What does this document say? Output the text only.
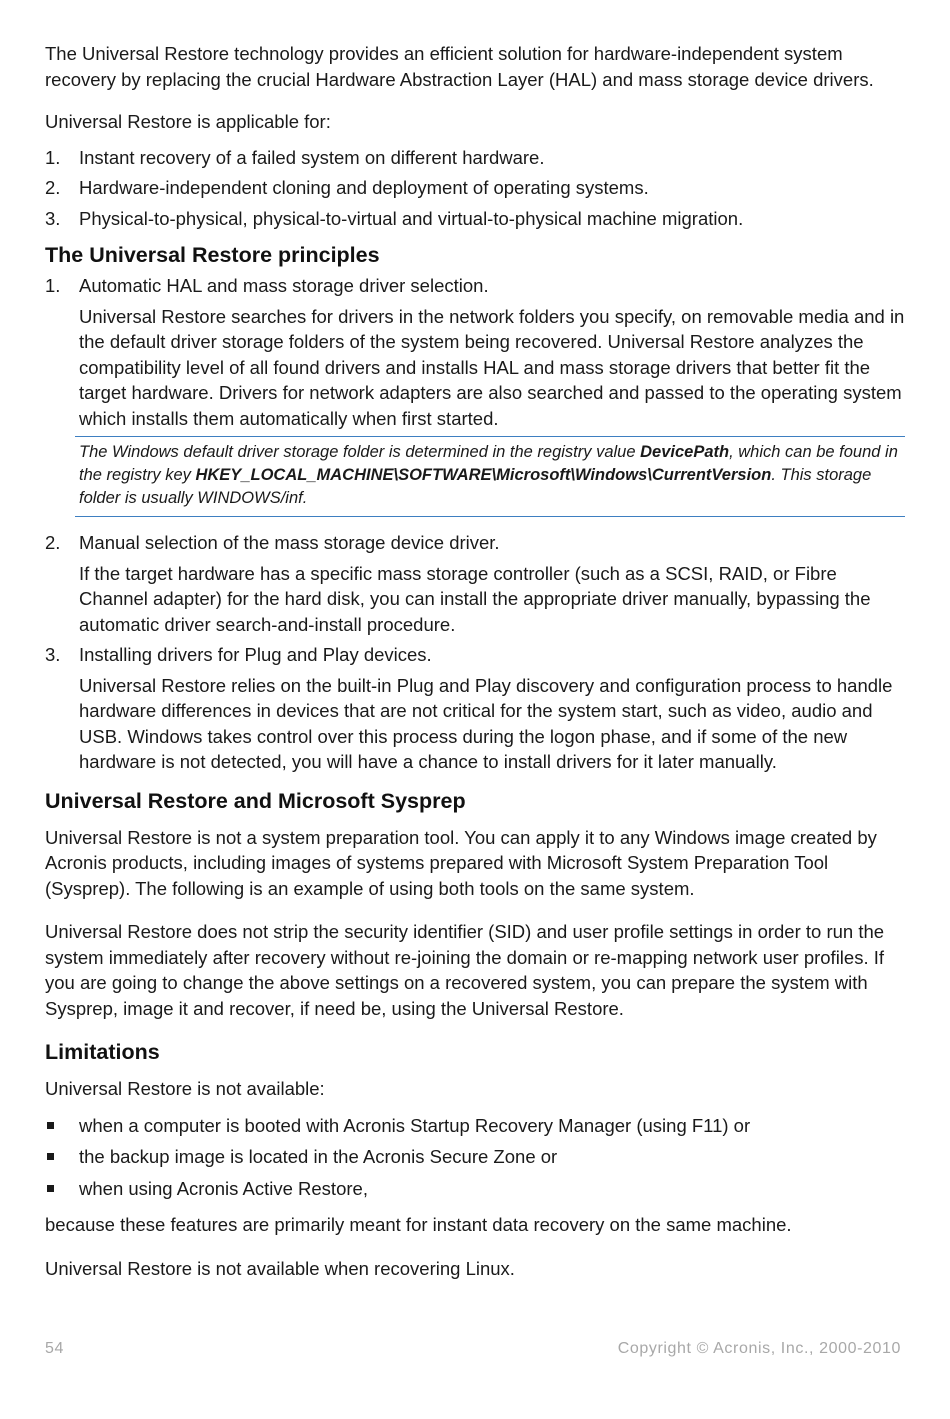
The Universal Restore technology provides an efficient solution for hardware-independent system recovery by replacing the crucial Hardware Abstraction Layer (HAL) and mass storage device drivers.

Universal Restore is applicable for:

1. Instant recovery of a failed system on different hardware.
2. Hardware-independent cloning and deployment of operating systems.
3. Physical-to-physical, physical-to-virtual and virtual-to-physical machine migration.
The Universal Restore principles
1. Automatic HAL and mass storage driver selection.
Universal Restore searches for drivers in the network folders you specify, on removable media and in the default driver storage folders of the system being recovered. Universal Restore analyzes the compatibility level of all found drivers and installs HAL and mass storage drivers that better fit the target hardware. Drivers for network adapters are also searched and passed to the operating system which installs them automatically when first started.
The Windows default driver storage folder is determined in the registry value DevicePath, which can be found in the registry key HKEY_LOCAL_MACHINE\SOFTWARE\Microsoft\Windows\CurrentVersion. This storage folder is usually WINDOWS/inf.
2. Manual selection of the mass storage device driver.
If the target hardware has a specific mass storage controller (such as a SCSI, RAID, or Fibre Channel adapter) for the hard disk, you can install the appropriate driver manually, bypassing the automatic driver search-and-install procedure.
3. Installing drivers for Plug and Play devices.
Universal Restore relies on the built-in Plug and Play discovery and configuration process to handle hardware differences in devices that are not critical for the system start, such as video, audio and USB. Windows takes control over this process during the logon phase, and if some of the new hardware is not detected, you will have a chance to install drivers for it later manually.
Universal Restore and Microsoft Sysprep

Universal Restore is not a system preparation tool. You can apply it to any Windows image created by Acronis products, including images of systems prepared with Microsoft System Preparation Tool (Sysprep). The following is an example of using both tools on the same system.

Universal Restore does not strip the security identifier (SID) and user profile settings in order to run the system immediately after recovery without re-joining the domain or re-mapping network user profiles. If you are going to change the above settings on a recovered system, you can prepare the system with Sysprep, image it and recover, if need be, using the Universal Restore.

Limitations

Universal Restore is not available:

when a computer is booted with Acronis Startup Recovery Manager (using F11) or
the backup image is located in the Acronis Secure Zone or
when using Acronis Active Restore,

because these features are primarily meant for instant data recovery on the same machine.

Universal Restore is not available when recovering Linux.

54	Copyright © Acronis, Inc., 2000-2010
